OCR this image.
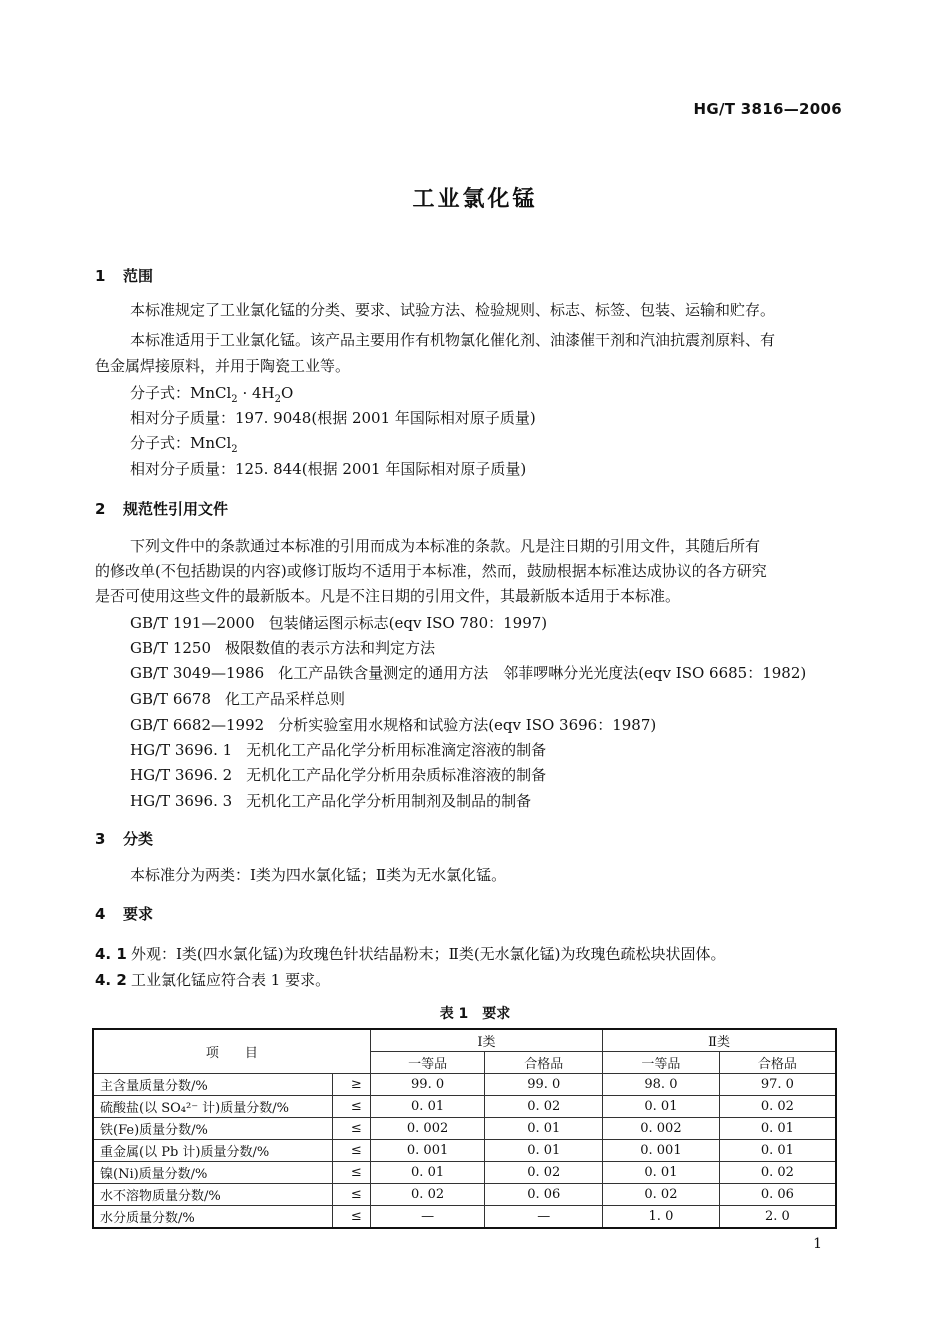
HG/T 3816—2006
工业氯化锰
1 范围
本标准规定了工业氯化锰的分类、要求、试验方法、检验规则、标志、标签、包装、运输和贮存。
本标准适用于工业氯化锰。该产品主要用作有机物氯化催化剂、油漆催干剂和汽油抗震剂原料、有
色金属焊接原料，并用于陶瓷工业等。
分子式：MnCl$_2$ · $4H_2O$
相对分子质量：197. 9048(根据 2001 年国际相对原子质量)
分子式：MnCl$_2$
相对分子质量：125. 844(根据 2001 年国际相对原子质量)
2 规范性引用文件
下列文件中的条款通过本标准的引用而成为本标准的条款。凡是注日期的引用文件，其随后所有
的修改单(不包括勘误的内容)或修订版均不适用于本标准，然而，鼓励根据本标准达成协议的各方研究
是否可使用这些文件的最新版本。凡是不注日期的引用文件，其最新版本适用于本标准。
GB/T 191—2000 包装储运图示标志(eqv ISO 780：1997)
GB/T 1250 极限数值的表示方法和判定方法
GB/T 3049—1986 化工产品铁含量测定的通用方法　邻菲啰啉分光光度法(eqv ISO 6685：1982)
GB/T 6678 化工产品采样总则
GB/T 6682—1992 分析实验室用水规格和试验方法(eqv ISO 3696：1987)
HG/T 3696. 1 无机化工产品化学分析用标准滴定溶液的制备
HG/T 3696. 2 无机化工产品化学分析用杂质标准溶液的制备
HG/T 3696. 3 无机化工产品化学分析用制剂及制品的制备
3 分类
本标准分为两类：Ⅰ类为四水氯化锰；Ⅱ类为无水氯化锰。
4 要求
4. 1 外观：Ⅰ类(四水氯化锰)为玫瑰色针状结晶粉末；Ⅱ类(无水氯化锰)为玫瑰色疏松块状固体。
4. 2 工业氯化锰应符合表 1 要求。
表 1　要求
项　　目		Ⅰ类		Ⅱ类	
		一等品	合格品	一等品	合格品
主含量质量分数/%	≥	99. 0	99. 0	98. 0	97. 0
硫酸盐(以 SO₄²⁻ 计)质量分数/%	≤	0. 01	0. 02	0. 01	0. 02
铁(Fe)质量分数/%	≤	0. 002	0. 01	0. 002	0. 01
重金属(以 Pb 计)质量分数/%	≤	0. 001	0. 01	0. 001	0. 01
镍(Ni)质量分数/%	≤	0. 01	0. 02	0. 01	0. 02
水不溶物质量分数/%	≤	0. 02	0. 06	0. 02	0. 06
水分质量分数/%	≤	—	—	1. 0	2. 0
1
